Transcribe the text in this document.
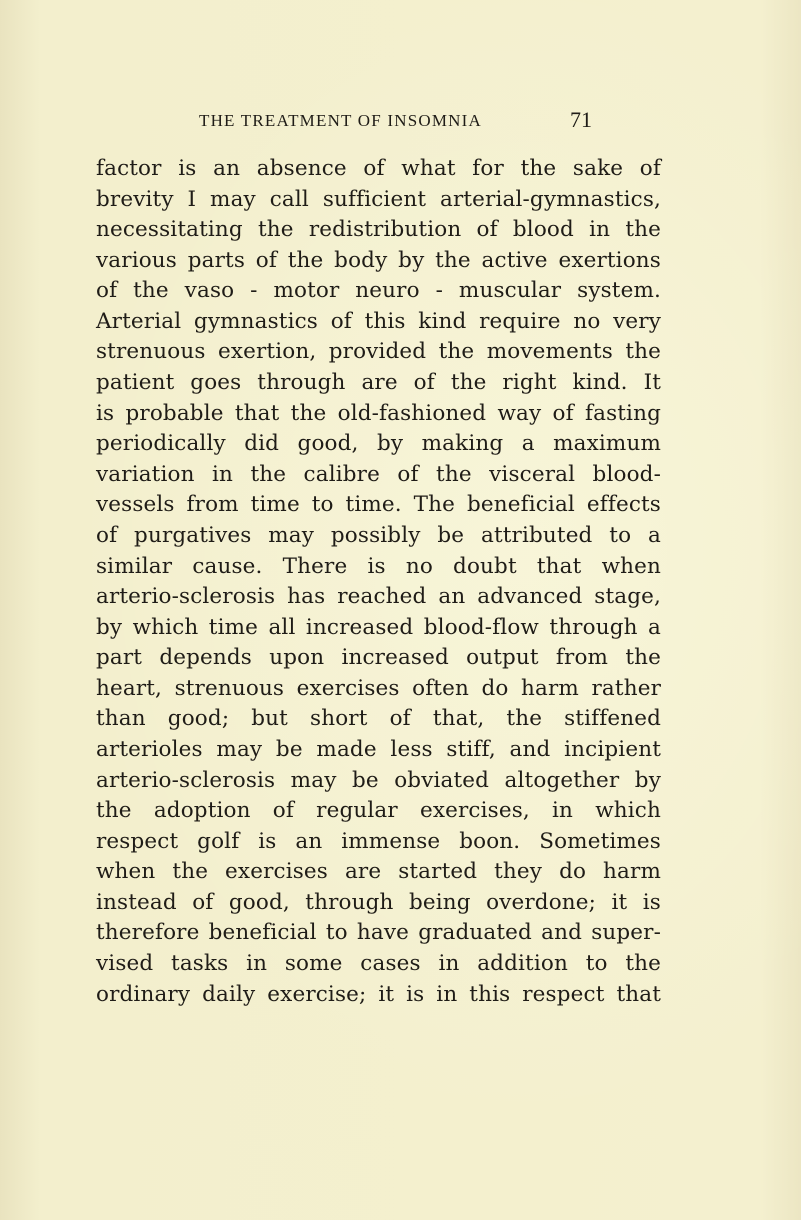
THE TREATMENT OF INSOMNIA	71
factor is an absence of what for the sake of
brevity I may call sufficient arterial-gymnastics,
necessitating the redistribution of blood in the
various parts of the body by the active exertions
of the vaso - motor neuro - muscular system.
Arterial gymnastics of this kind require no very
strenuous exertion, provided the movements the
patient goes through are of the right kind. It
is probable that the old-fashioned way of fasting
periodically did good, by making a maximum
variation in the calibre of the visceral blood-
vessels from time to time. The beneficial effects
of purgatives may possibly be attributed to a
similar cause. There is no doubt that when
arterio-sclerosis has reached an advanced stage,
by which time all increased blood-flow through a
part depends upon increased output from the
heart, strenuous exercises often do harm rather
than good; but short of that, the stiffened
arterioles may be made less stiff, and incipient
arterio-sclerosis may be obviated altogether by
the adoption of regular exercises, in which
respect golf is an immense boon. Sometimes
when the exercises are started they do harm
instead of good, through being overdone; it is
therefore beneficial to have graduated and super-
vised tasks in some cases in addition to the
ordinary daily exercise; it is in this respect that
